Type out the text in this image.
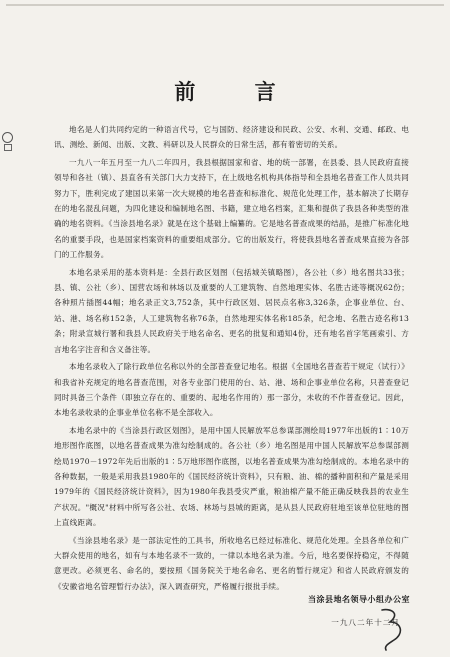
前 言

地名是人们共同约定的一种语言代号，它与国防、经济建设和民政、公安、水利、交通、邮政、电讯、测绘、新闻、出版、文教、科研以及人民群众的日常生活，都有着密切的关系。

一九八一年五月至一九八二年四月，我县根据国家和省、地的统一部署，在县委、县人民政府直接领导和各社（镇）、县直各有关部门大力支持下，在上级地名机构具体指导和全县地名普查工作人员共同努力下，胜利完成了建国以来第一次大规模的地名普查和标准化、规范化处理工作，基本解决了长期存在的地名混乱问题，为四化建设和编制地名图、书籍，建立地名档案，汇集和提供了我县各种类型的准确的地名资料。《当涂县地名录》就是在这个基础上编纂的。它是地名普查成果的结晶，是推广标准化地名的重要手段，也是国家档案资料的重要组成部分。它的出版发行，将使我县地名普查成果直接为各部门的工作服务。

本地名录采用的基本资料是：全县行政区划图（包括城关镇略图），各公社（乡）地名图共33张；县、镇、公社（乡）、国营农场和林场以及重要的人工建筑物、自然地理实体、名胜古迹等概况62份；各种照片插图44幅；地名录正文3,752条，其中行政区划、居民点名称3,326条，企事业单位、台、站、港、场名称152条，人工建筑物名称76条，自然地理实体名称185条，纪念地、名胜古迹名称13条；附录宣城行署和我县人民政府关于地名命名、更名的批复和通知4份，还有地名首字笔画索引、方言地名字注音和含义备注等。

本地名录收入了除行政单位名称以外的全部普查登记地名。根据《全国地名普查若干规定（试行）》和我省补充规定的地名普查范围，对各专业部门使用的台、站、港、场和企事业单位名称，只普查登记同时具备三个条件（即独立存在的、重要的、起地名作用的）那一部分，未收的不作普查登记。因此，本地名录收录的企事业单位名称不是全部收入。

本地名录中的《当涂县行政区划图》，是用中国人民解放军总参谋部测绘局1977年出版的1∶10万地形图作底图，以地名普查成果为准勾绘制成的。各公社（乡）地名图是用中国人民解放军总参谋部测绘局1970－1972年先后出版的1∶5万地形图作底图，以地名普查成果为准勾绘制成的。本地名录中的各种数据，一般是采用我县1980年的《国民经济统计资料》，只有粮、油、棉的播种面积和产量是采用1979年的《国民经济统计资料》，因为1980年我县受灾严重，粮油棉产量不能正确反映我县的农业生产状况。"概况"材料中所写各公社、农场、林场与县城的距离，是从县人民政府驻地至该单位驻地的图上直线距离。

《当涂县地名录》是一部法定性的工具书，所收地名已经过标准化、规范化处理。全县各单位和广大群众使用的地名，如有与本地名录不一致的，一律以本地名录为准。今后，地名要保持稳定，不得随意更改。必须更名、命名的，要按照《国务院关于地名命名、更名的暂行规定》和省人民政府颁发的《安徽省地名管理暂行办法》，深入调查研究，严格履行报批手续。

当涂县地名领导小组办公室
一九八二年十二月
